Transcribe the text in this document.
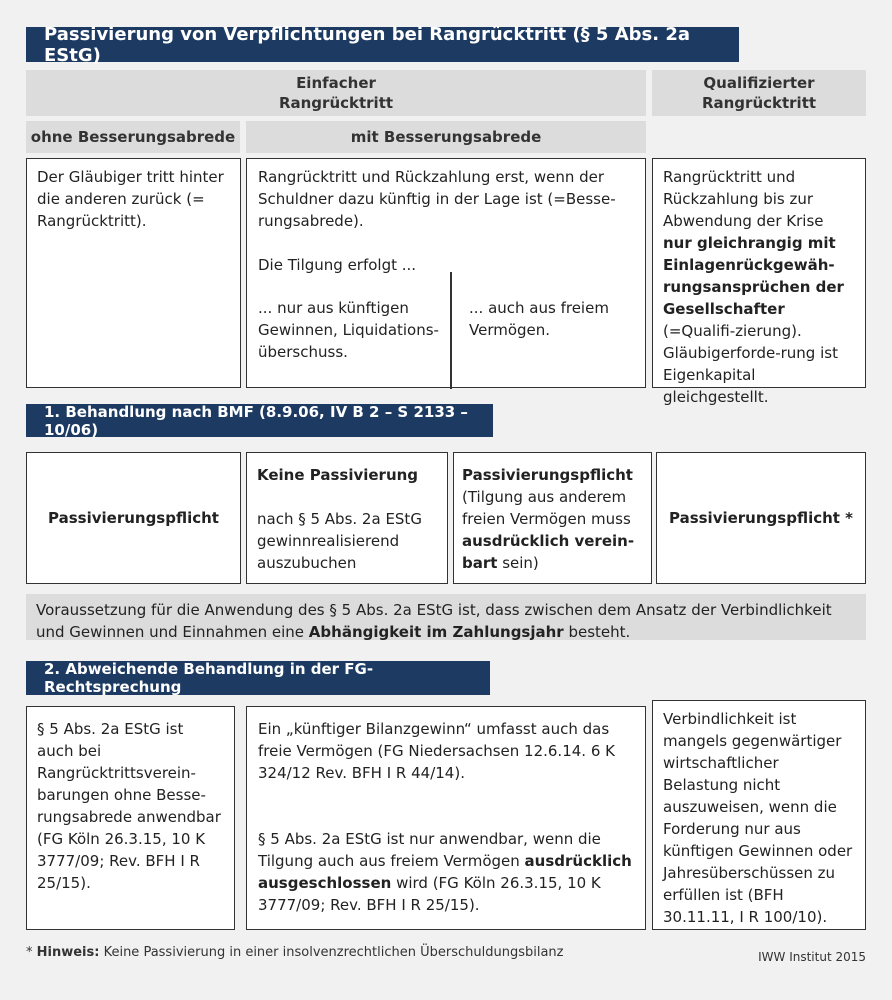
Passivierung von Verpflichtungen bei Rangrücktritt (§ 5 Abs. 2a EStG)
Einfacher
Rangrücktritt
Qualifizierter
Rangrücktritt
ohne Besserungsabrede	mit Besserungsabrede
Der Gläubiger tritt hinter die anderen zurück (= Rangrücktritt).
Rangrücktritt und Rückzahlung erst, wenn der Schuldner dazu künftig in der Lage ist (=Besse-rungsabrede).
Die Tilgung erfolgt ...
... nur aus künftigen Gewinnen, Liquidations-überschuss.
... auch aus freiem Vermögen.
Rangrücktritt und Rückzahlung bis zur Abwendung der Krise nur gleichrangig mit Einlagenrückgewäh-rungsansprüchen der Gesellschafter (=Qualifi-zierung). Gläubigerforde-rung ist Eigenkapital gleichgestellt.
1. Behandlung nach BMF (8.9.06, IV B 2 – S 2133 – 10/06)
Passivierungspflicht
Keine Passivierung
nach § 5 Abs. 2a EStG gewinnrealisierend auszubuchen
Passivierungspflicht
(Tilgung aus anderem freien Vermögen muss ausdrücklich verein-bart sein)
Passivierungspflicht *
Voraussetzung für die Anwendung des § 5 Abs. 2a EStG ist, dass zwischen dem Ansatz der Verbindlichkeit und Gewinnen und Einnahmen eine Abhängigkeit im Zahlungsjahr besteht.
2. Abweichende Behandlung in der FG-Rechtsprechung
§ 5 Abs. 2a EStG ist auch bei Rangrücktrittsverein-barungen ohne Besse-rungsabrede anwendbar (FG Köln 26.3.15, 10 K 3777/09; Rev. BFH I R 25/15).
Ein „künftiger Bilanzgewinn“ umfasst auch das freie Vermögen (FG Niedersachsen 12.6.14. 6 K 324/12 Rev. BFH I R 44/14).
§ 5 Abs. 2a EStG ist nur anwendbar, wenn die Tilgung auch aus freiem Vermögen ausdrücklich ausgeschlossen wird (FG Köln 26.3.15, 10 K 3777/09; Rev. BFH I R 25/15).
Verbindlichkeit ist mangels gegenwärtiger wirtschaftlicher Belastung nicht auszuweisen, wenn die Forderung nur aus künftigen Gewinnen oder Jahresüberschüssen zu erfüllen ist (BFH 30.11.11, I R 100/10).
* Hinweis: Keine Passivierung in einer insolvenzrechtlichen Überschuldungsbilanz	IWW Institut 2015
